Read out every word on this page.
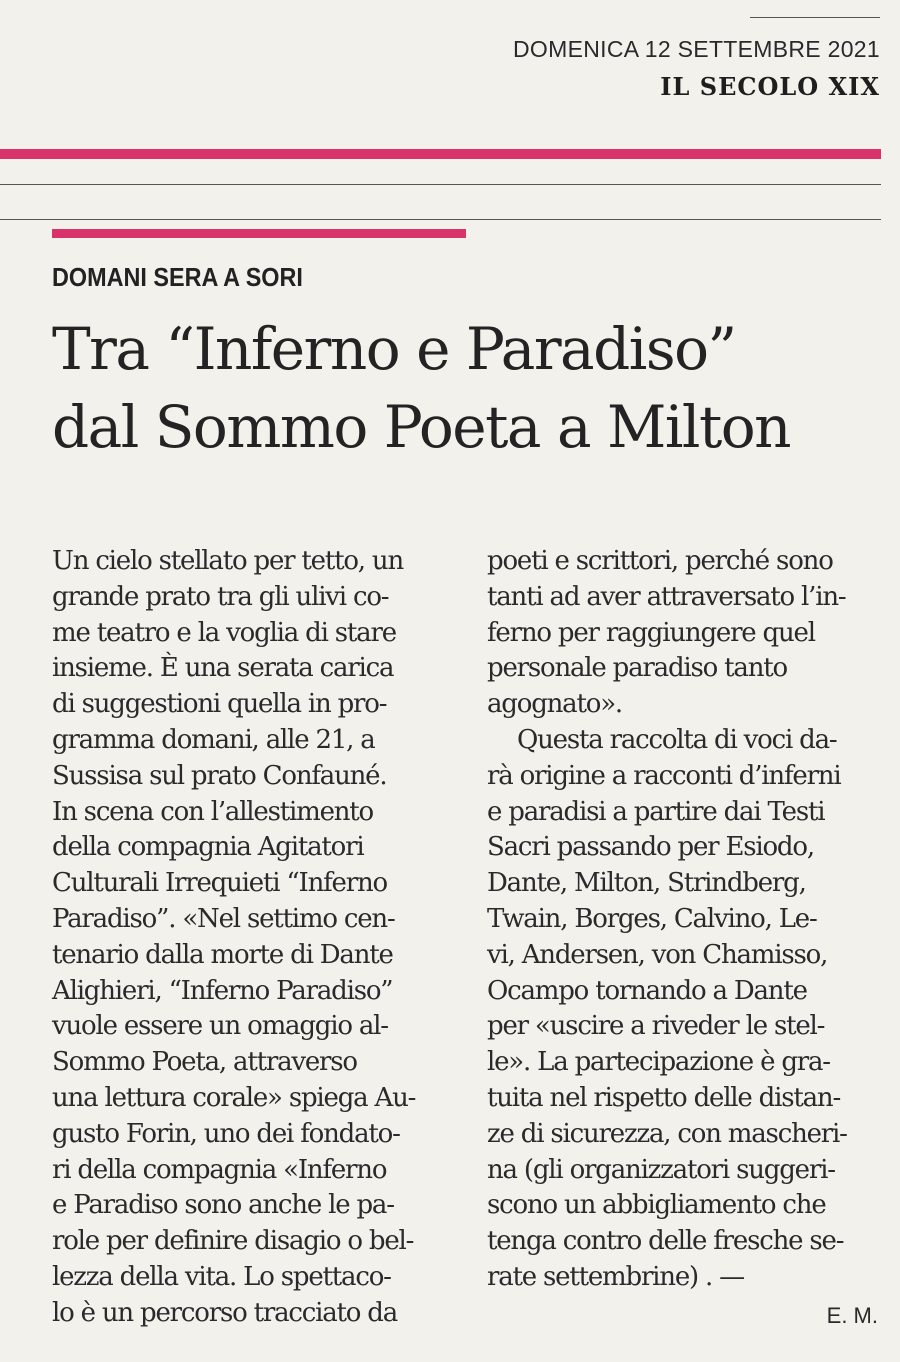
DOMENICA 12 SETTEMBRE 2021
IL SECOLO XIX
DOMANI SERA A SORI
Tra “Inferno e Paradiso”
dal Sommo Poeta a Milton
Un cielo stellato per tetto, un
grande prato tra gli ulivi co-
me teatro e la voglia di stare
insieme. È una serata carica
di suggestioni quella in pro-
gramma domani, alle 21, a
Sussisa sul prato Confauné.
In scena con l’allestimento
della compagnia Agitatori
Culturali Irrequieti “Inferno
Paradiso”. «Nel settimo cen-
tenario dalla morte di Dante
Alighieri, “Inferno Paradiso”
vuole essere un omaggio al-
Sommo Poeta, attraverso
una lettura corale» spiega Au-
gusto Forin, uno dei fondato-
ri della compagnia «Inferno
e Paradiso sono anche le pa-
role per definire disagio o bel-
lezza della vita. Lo spettaco-
lo è un percorso tracciato da
poeti e scrittori, perché sono
tanti ad aver attraversato l’in-
ferno per raggiungere quel
personale paradiso tanto
agognato».
Questa raccolta di voci da-
rà origine a racconti d’inferni
e paradisi a partire dai Testi
Sacri passando per Esiodo,
Dante, Milton, Strindberg,
Twain, Borges, Calvino, Le-
vi, Andersen, von Chamisso,
Ocampo tornando a Dante
per «uscire a riveder le stel-
le». La partecipazione è gra-
tuita nel rispetto delle distan-
ze di sicurezza, con mascheri-
na (gli organizzatori suggeri-
scono un abbigliamento che
tenga contro delle fresche se-
rate settembrine) . —
E. M.
